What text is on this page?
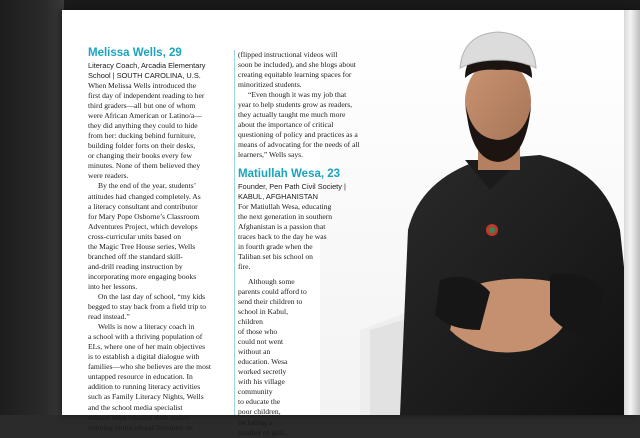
Melissa Wells, 29
Literacy Coach, Arcadia Elementary
School | SOUTH CAROLINA, U.S.
When Melissa Wells introduced the
first day of independent reading to her
third graders—all but one of whom
were African American or Latino/a—
they did anything they could to hide
from her: ducking behind furniture,
building folder forts on their desks,
or changing their books every few
minutes. None of them believed they
were readers.
By the end of the year, students’
attitudes had changed completely. As
a literacy consultant and contributor
for Mary Pope Osborne’s Classroom
Adventures Project, which develops
cross-curricular units based on
the Magic Tree House series, Wells
branched off the standard skill-
and-drill reading instruction by
incorporating more engaging books
into her lessons.
On the last day of school, “my kids
begged to stay back from a field trip to
read instead.”
Wells is now a literacy coach in
a school with a thriving population of
ELs, where one of her main objectives
is to establish a digital dialogue with
families—who she believes are the most
untapped resource in education. In
addition to running literacy activities
such as Family Literacy Nights, Wells
and the school media specialist
created book bundles with award-
winning multicultural literature on
(flipped instructional videos will
soon be included), and she blogs about
creating equitable learning spaces for
minoritized students.
“Even though it was my job that
year to help students grow as readers,
they actually taught me much more
about the importance of critical
questioning of policy and practices as a
means of advocating for the needs of all
learners,” Wells says.
Matiullah Wesa, 23
Founder, Pen Path Civil Society |
KABUL, AFGHANISTAN
For Matiullah Wesa, educating
the next generation in southern
Afghanistan is a passion that
traces back to the day he was
in fourth grade when the
Taliban set his school on
fire.
Although some
parents could afford to
send their children to
school in Kabul, children
of those who
could not went
without an
education. Wesa
worked secretly
with his village
community
to educate the
poor children,
including a
number of girls,
